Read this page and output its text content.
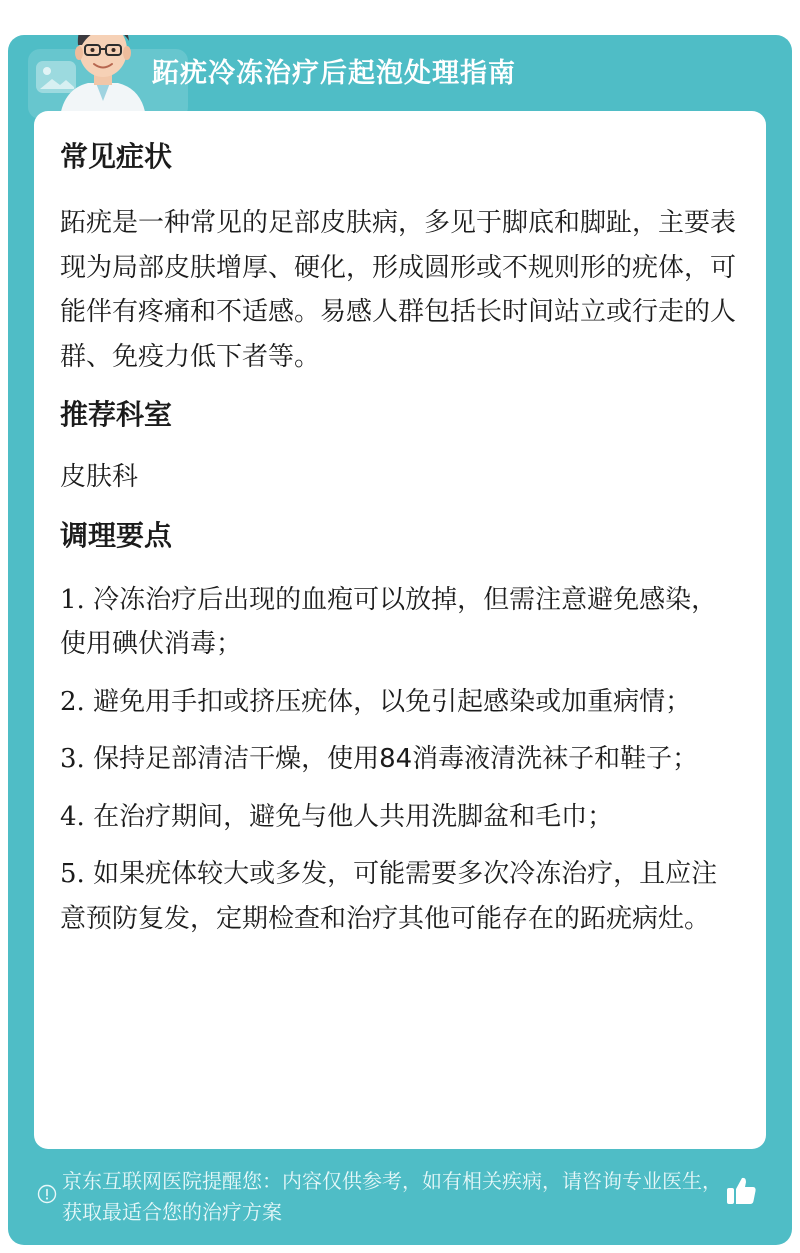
跖疣冷冻治疗后起泡处理指南
常见症状

跖疣是一种常见的足部皮肤病，多见于脚底和脚趾，主要表现为局部皮肤增厚、硬化，形成圆形或不规则形的疣体，可能伴有疼痛和不适感。易感人群包括长时间站立或行走的人群、免疫力低下者等。

推荐科室

皮肤科

调理要点

1. 冷冻治疗后出现的血疱可以放掉，但需注意避免感染，使用碘伏消毒；

2. 避免用手扣或挤压疣体，以免引起感染或加重病情；

3. 保持足部清洁干燥，使用84消毒液清洗袜子和鞋子；

4. 在治疗期间，避免与他人共用洗脚盆和毛巾；

5. 如果疣体较大或多发，可能需要多次冷冻治疗，且应注意预防复发，定期检查和治疗其他可能存在的跖疣病灶。

京东互联网医院提醒您：内容仅供参考，如有相关疾病，请咨询专业医生，获取最适合您的治疗方案
